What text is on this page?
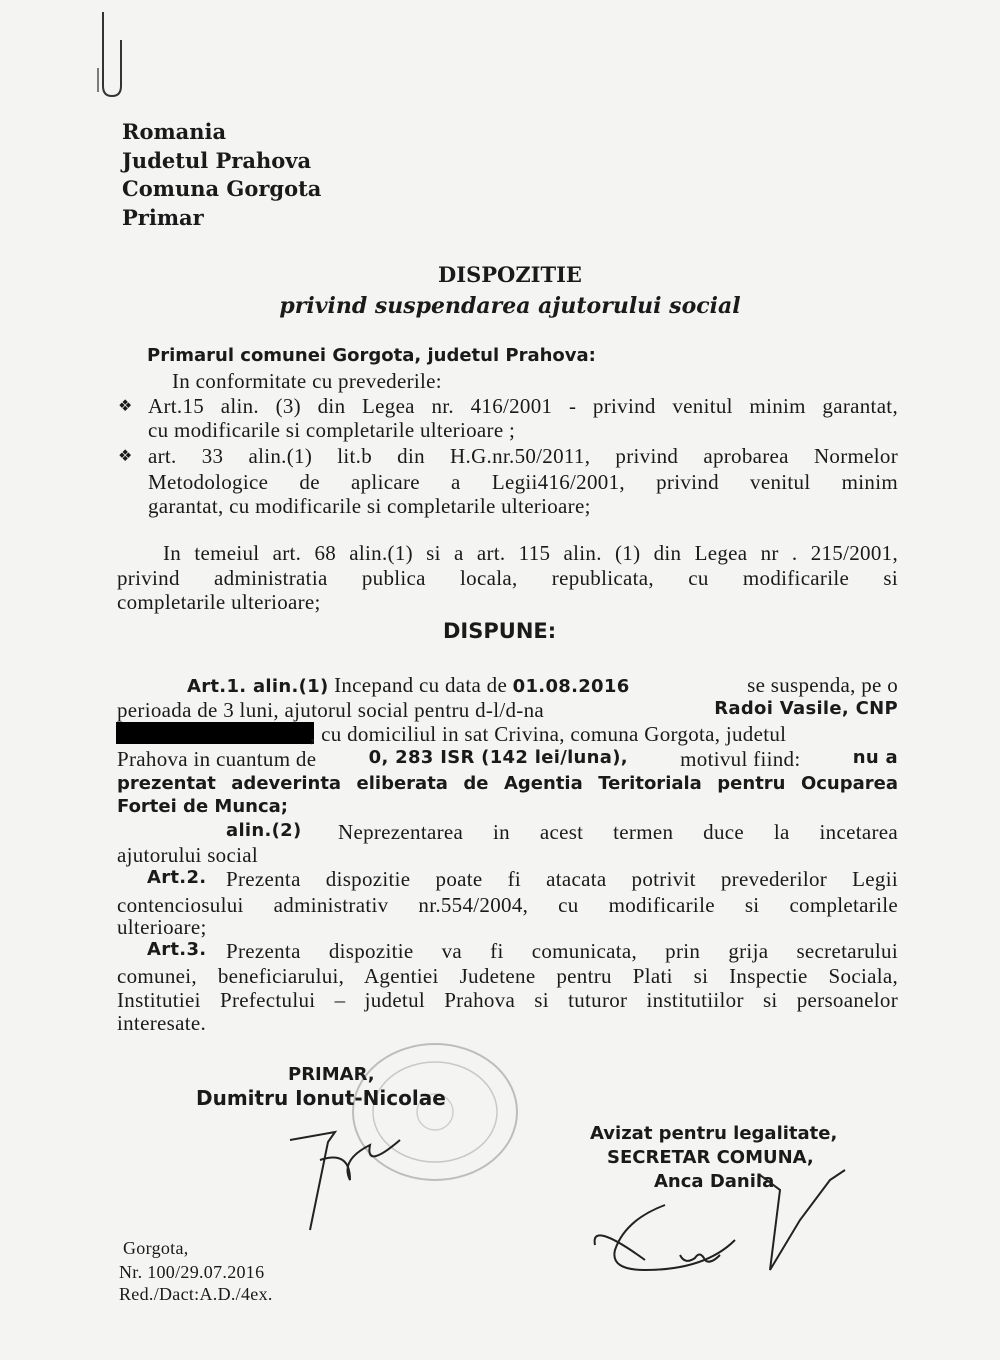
Romania
Judetul Prahova
Comuna Gorgota
Primar
DISPOZITIE
privind suspendarea ajutorului social
Primarul comunei Gorgota, judetul Prahova:
In conformitate cu prevederile:
❖ Art.15 alin. (3) din Legea nr. 416/2001 - privind venitul minim garantat,
cu modificarile si completarile ulterioare ;
❖ art. 33 alin.(1) lit.b din H.G.nr.50/2011, privind aprobarea Normelor
Metodologice de aplicare a Legii416/2001, privind venitul minim
garantat, cu modificarile si completarile ulterioare;
In temeiul art. 68 alin.(1) si a art. 115 alin. (1) din Legea nr . 215/2001,
privind administratia publica locala, republicata, cu modificarile si
completarile ulterioare;
DISPUNE:
Art.1. alin.(1) Incepand cu data de 01.08.2016	se suspenda, pe o
perioada de 3 luni, ajutorul social pentru d-l/d-na	Radoi Vasile, CNP
, cu domiciliul in sat Crivina, comuna Gorgota, judetul
Prahova in cuantum de	0, 283 ISR (142 lei/luna), motivul fiind:	nu a
prezentat adeverinta eliberata de Agentia Teritoriala pentru Ocuparea
Fortei de Munca;
alin.(2) Neprezentarea in acest termen duce la incetarea
ajutorului social
Art.2. Prezenta dispozitie poate fi atacata potrivit prevederilor Legii
contenciosului administrativ nr.554/2004, cu modificarile si completarile
ulterioare;
Art.3. Prezenta dispozitie va fi comunicata, prin grija secretarului
comunei, beneficiarului, Agentiei Judetene pentru Plati si Inspectie Sociala,
Institutiei Prefectului – judetul Prahova si tuturor institutiilor si persoanelor
interesate.
PRIMAR,
Dumitru Ionut-Nicolae
Avizat pentru legalitate,
SECRETAR COMUNA,
Anca Danila
Gorgota,
Nr. 100/29.07.2016
Red./Dact:A.D./4ex.
